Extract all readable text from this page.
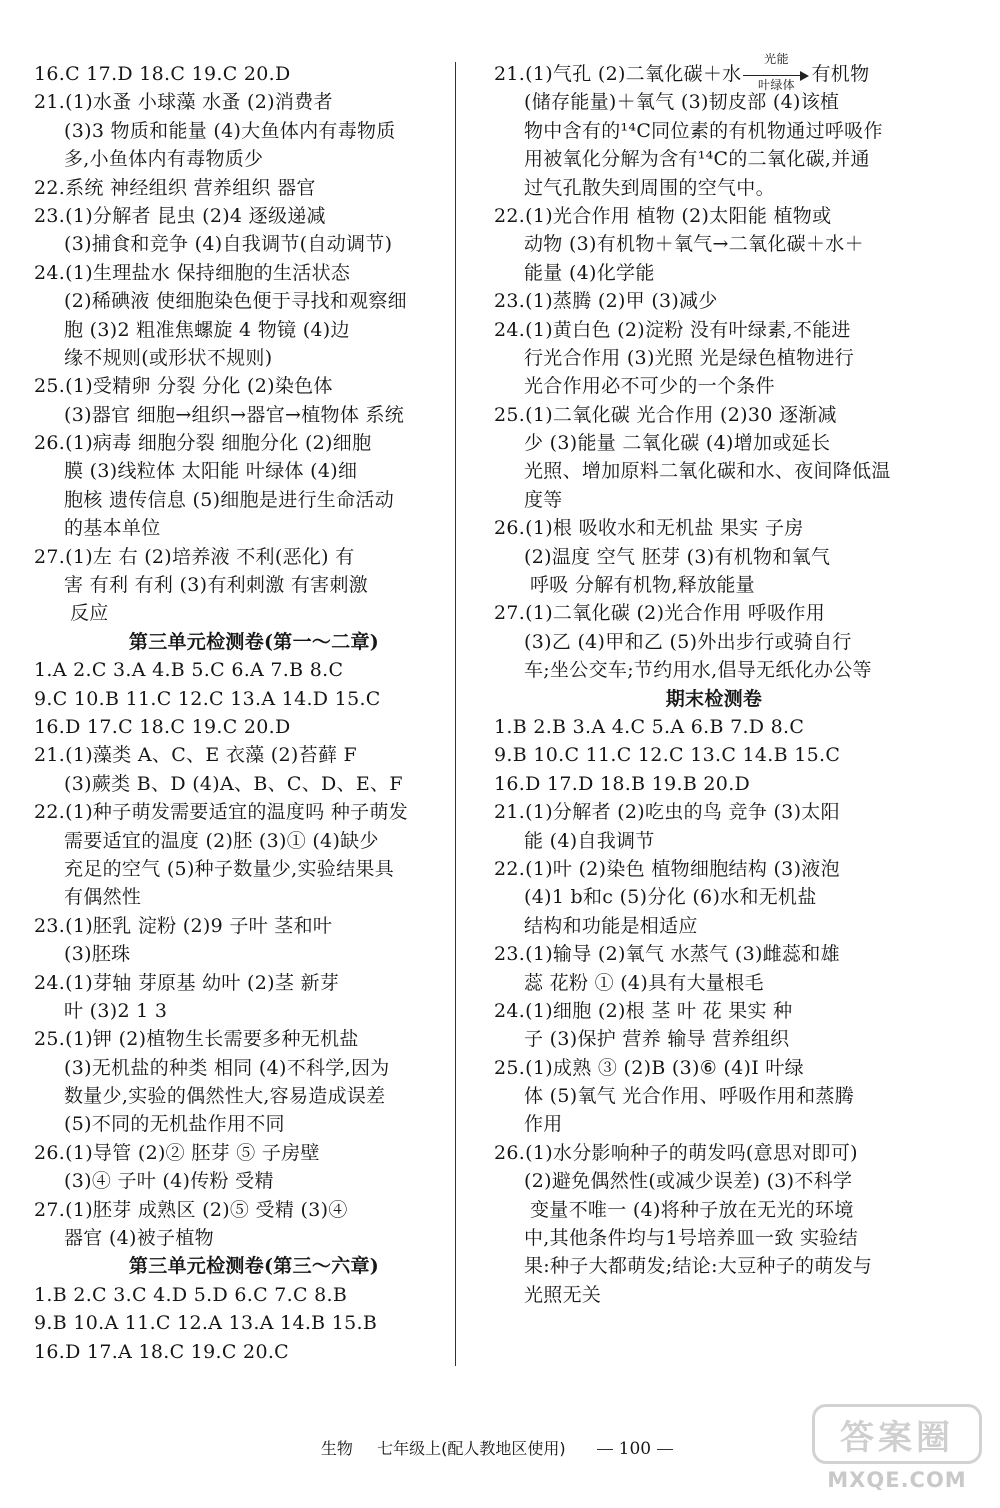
16.C 17.D 18.C 19.C 20.D
21.(1)水蚤 小球藻 水蚤 (2)消费者
(3)3 物质和能量 (4)大鱼体内有毒物质
多,小鱼体内有毒物质少
22.系统 神经组织 营养组织 器官
23.(1)分解者 昆虫 (2)4 逐级递减
(3)捕食和竞争 (4)自我调节(自动调节)
24.(1)生理盐水 保持细胞的生活状态
(2)稀碘液 使细胞染色便于寻找和观察细
胞 (3)2 粗准焦螺旋 4 物镜 (4)边
缘不规则(或形状不规则)
25.(1)受精卵 分裂 分化 (2)染色体
(3)器官 细胞→组织→器官→植物体 系统
26.(1)病毒 细胞分裂 细胞分化 (2)细胞
膜 (3)线粒体 太阳能 叶绿体 (4)细
胞核 遗传信息 (5)细胞是进行生命活动
的基本单位
27.(1)左 右 (2)培养液 不利(恶化) 有
害 有利 有利 (3)有利刺激 有害刺激
反应
第三单元检测卷(第一～二章)
1.A 2.C 3.A 4.B 5.C 6.A 7.B 8.C
9.C 10.B 11.C 12.C 13.A 14.D 15.C
16.D 17.C 18.C 19.C 20.D
21.(1)藻类 A、C、E 衣藻 (2)苔藓 F
(3)蕨类 B、D (4)A、B、C、D、E、F
22.(1)种子萌发需要适宜的温度吗 种子萌发
需要适宜的温度 (2)胚 (3)① (4)缺少
充足的空气 (5)种子数量少,实验结果具
有偶然性
23.(1)胚乳 淀粉 (2)9 子叶 茎和叶
(3)胚珠
24.(1)芽轴 芽原基 幼叶 (2)茎 新芽
叶 (3)2 1 3
25.(1)钾 (2)植物生长需要多种无机盐
(3)无机盐的种类 相同 (4)不科学,因为
数量少,实验的偶然性大,容易造成误差
(5)不同的无机盐作用不同
26.(1)导管 (2)② 胚芽 ⑤ 子房壁
(3)④ 子叶 (4)传粉 受精
27.(1)胚芽 成熟区 (2)⑤ 受精 (3)④
器官 (4)被子植物
第三单元检测卷(第三～六章)
1.B 2.C 3.C 4.D 5.D 6.C 7.C 8.B
9.B 10.A 11.C 12.A 13.A 14.B 15.B
16.D 17.A 18.C 19.C 20.C
21.(1)气孔 (2)二氧化碳＋水
光能
叶绿体 有机物
(储存能量)＋氧气 (3)韧皮部 (4)该植
物中含有的¹⁴C同位素的有机物通过呼吸作
用被氧化分解为含有¹⁴C的二氧化碳,并通
过气孔散失到周围的空气中。
22.(1)光合作用 植物 (2)太阳能 植物或
动物 (3)有机物＋氧气→二氧化碳＋水＋
能量 (4)化学能
23.(1)蒸腾 (2)甲 (3)减少
24.(1)黄白色 (2)淀粉 没有叶绿素,不能进
行光合作用 (3)光照 光是绿色植物进行
光合作用必不可少的一个条件
25.(1)二氧化碳 光合作用 (2)30 逐渐减
少 (3)能量 二氧化碳 (4)增加或延长
光照、增加原料二氧化碳和水、夜间降低温
度等
26.(1)根 吸收水和无机盐 果实 子房
(2)温度 空气 胚芽 (3)有机物和氧气
呼吸 分解有机物,释放能量
27.(1)二氧化碳 (2)光合作用 呼吸作用
(3)乙 (4)甲和乙 (5)外出步行或骑自行
车;坐公交车;节约用水,倡导无纸化办公等
期末检测卷
1.B 2.B 3.A 4.C 5.A 6.B 7.D 8.C
9.B 10.C 11.C 12.C 13.C 14.B 15.C
16.D 17.D 18.B 19.B 20.D
21.(1)分解者 (2)吃虫的鸟 竞争 (3)太阳
能 (4)自我调节
22.(1)叶 (2)染色 植物细胞结构 (3)液泡
(4)1 b和c (5)分化 (6)水和无机盐
结构和功能是相适应
23.(1)输导 (2)氧气 水蒸气 (3)雌蕊和雄
蕊 花粉 ① (4)具有大量根毛
24.(1)细胞 (2)根 茎 叶 花 果实 种
子 (3)保护 营养 输导 营养组织
25.(1)成熟 ③ (2)B (3)⑥ (4)Ⅰ 叶绿
体 (5)氧气 光合作用、呼吸作用和蒸腾
作用
26.(1)水分影响种子的萌发吗(意思对即可)
(2)避免偶然性(或减少误差) (3)不科学
变量不唯一 (4)将种子放在无光的环境
中,其他条件均与1号培养皿一致 实验结
果:种子大都萌发;结论:大豆种子的萌发与
光照无关
生物 七年级上(配人教地区使用)	100	答案圈
MXQE.COM
